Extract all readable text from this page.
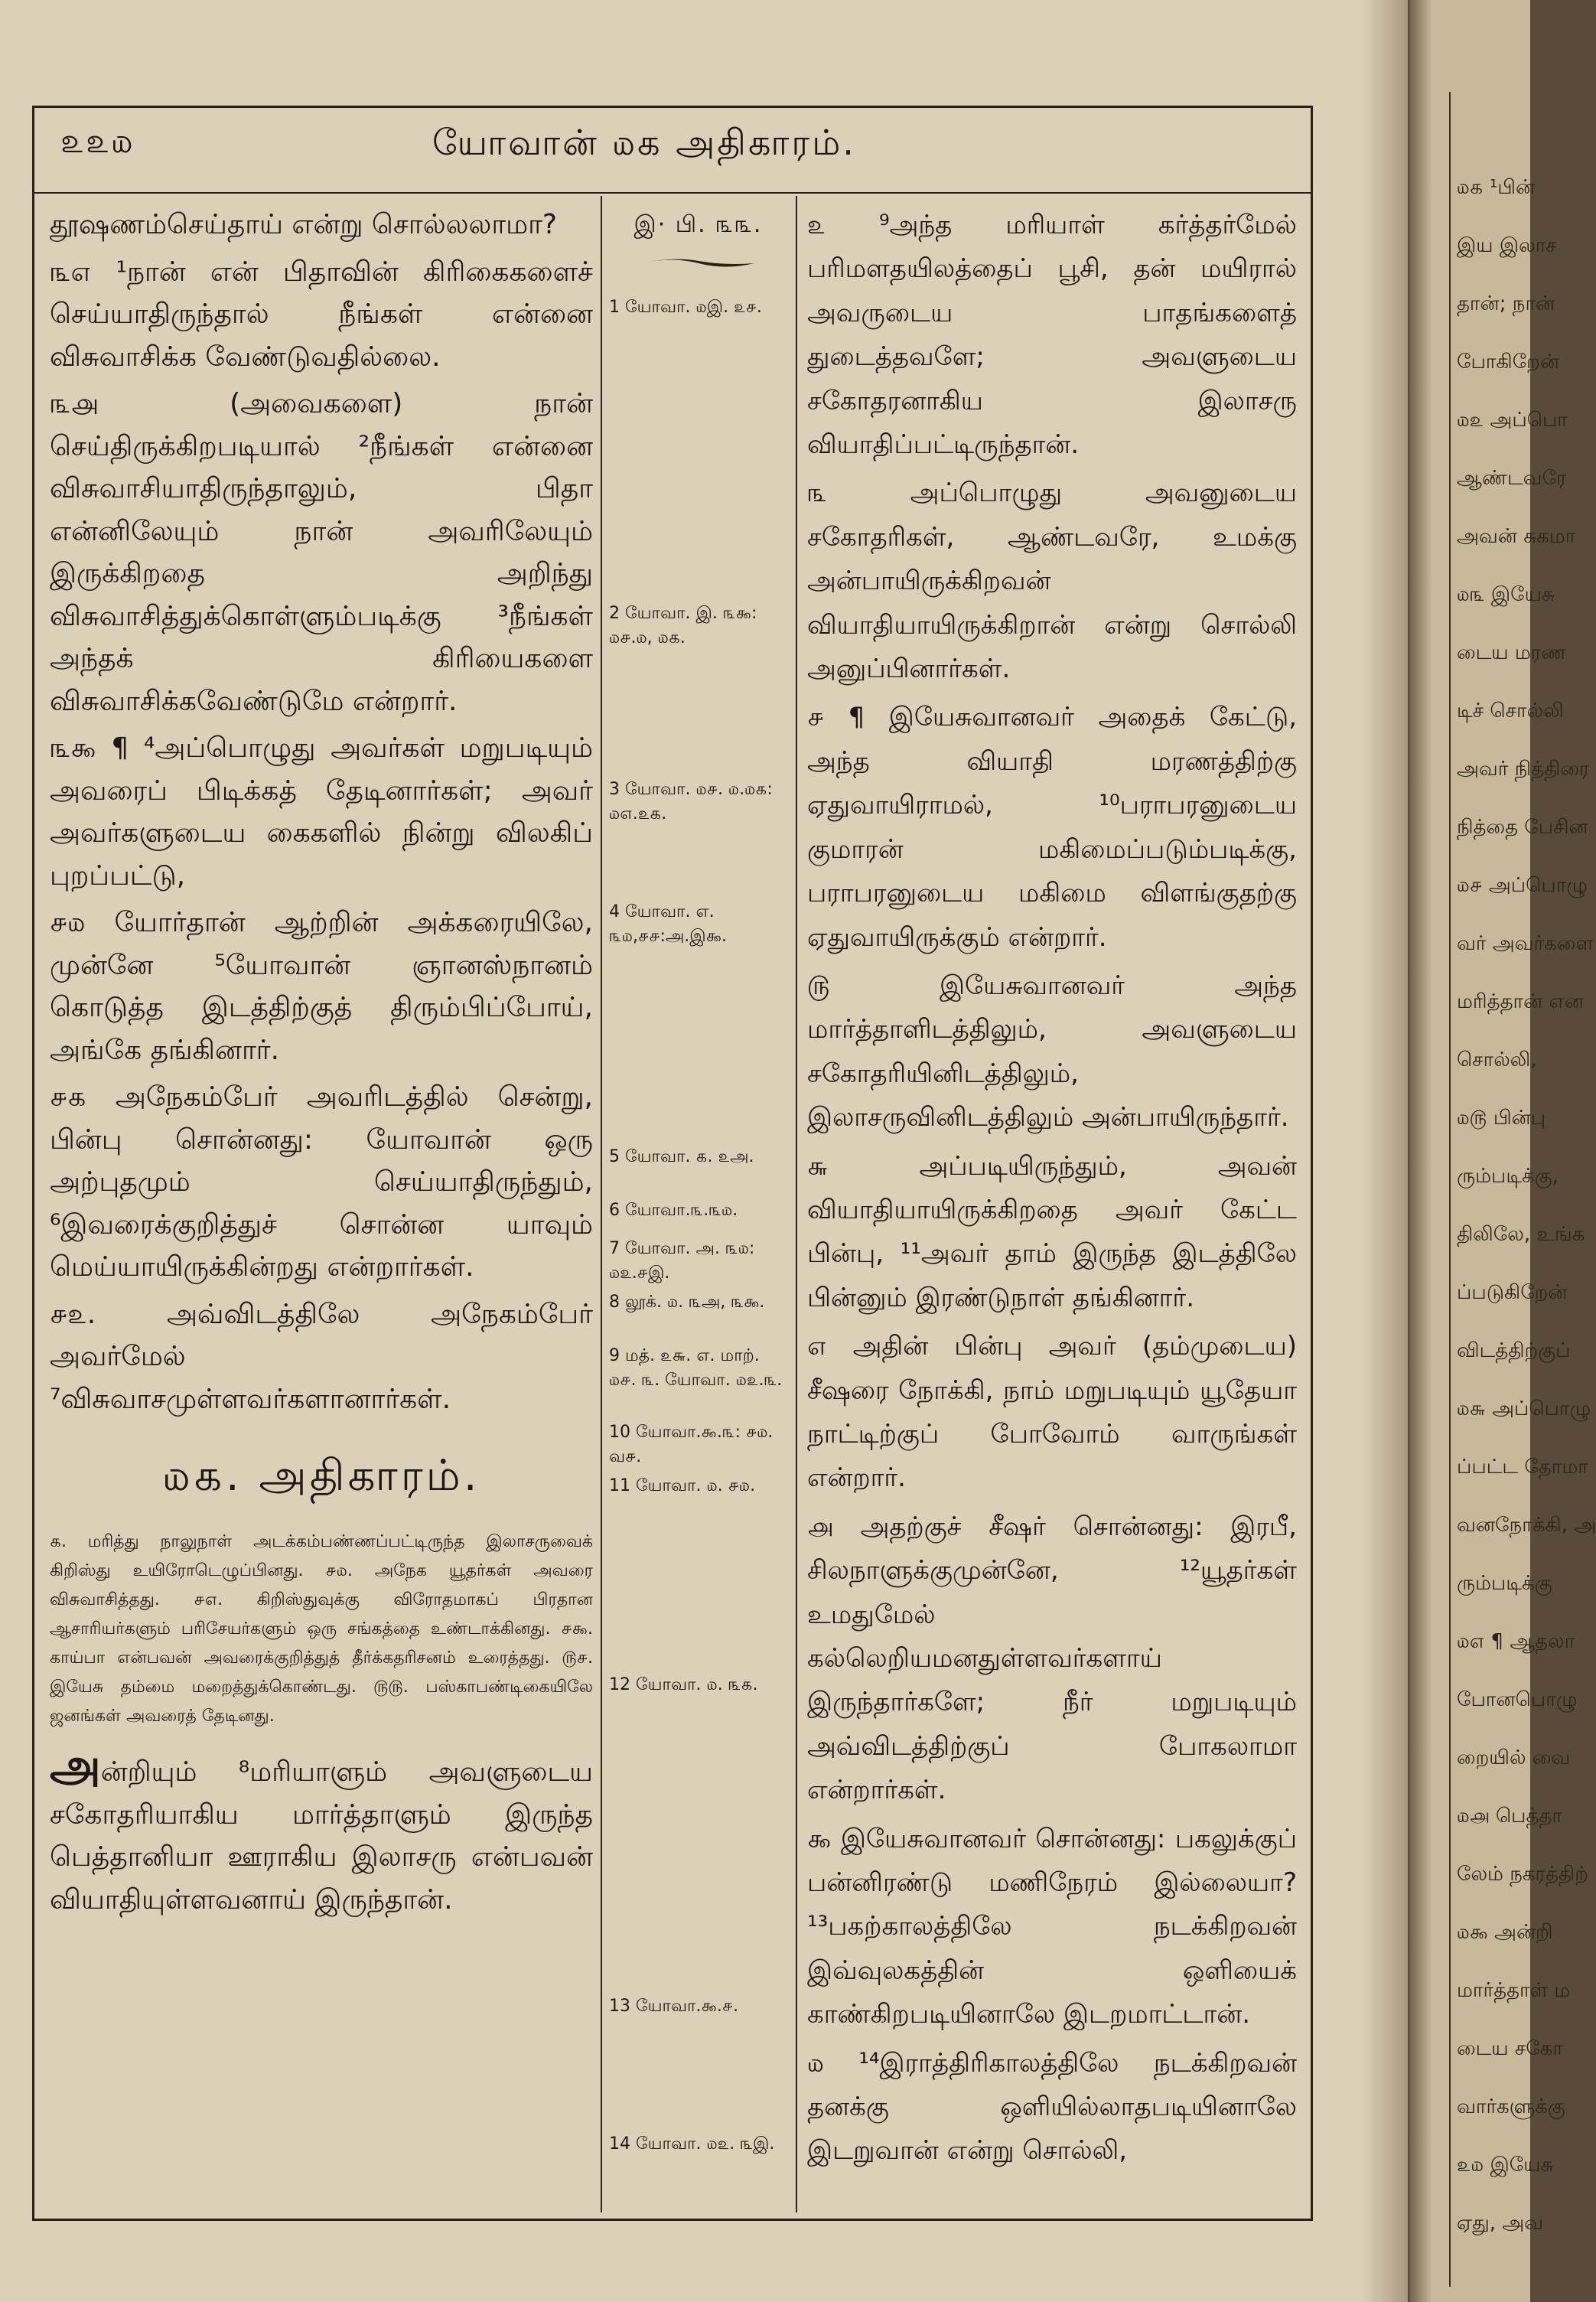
௨௨௰	யோவான் ௰க அதிகாரம்.

தூஷணம்செய்தாய் என்று சொல்லலாமா?

௩௭ ¹நான் என் பிதாவின் கிரிகைகளைச் செய்யாதிருந்தால் நீங்கள் என்னை விசுவாசிக்க வேண்டுவதில்லை.

௩௮ (அவைகளை) நான் செய்திருக்கிறபடியால் ²நீங்கள் என்னை விசுவாசியாதிருந்தாலும், பிதா என்னிலேயும் நான் அவரிலேயும் இருக்கிறதை அறிந்து விசுவாசித்துக்கொள்ளும்படிக்கு ³நீங்கள் அந்தக் கிரியைகளை விசுவாசிக்கவேண்டுமே என்றார்.

௩௯ ¶ ⁴அப்பொழுது அவர்கள் மறுபடியும் அவரைப் பிடிக்கத் தேடினார்கள்; அவர் அவர்களுடைய கைகளில் நின்று விலகிப் புறப்பட்டு,

௪௰ யோர்தான் ஆற்றின் அக்கரையிலே, முன்னே ⁵யோவான் ஞானஸ்நானம் கொடுத்த இடத்திற்குத் திரும்பிப்போய், அங்கே தங்கினார்.

௪௧ அநேகம்பேர் அவரிடத்தில் சென்று, பின்பு சொன்னது: யோவான் ஒரு அற்புதமும் செய்யாதிருந்தும், ⁶இவரைக்குறித்துச் சொன்ன யாவும் மெய்யாயிருக்கின்றது என்றார்கள்.

௪௨. அவ்விடத்திலே அநேகம்பேர் அவர்மேல் ⁷விசுவாசமுள்ளவர்களானார்கள்.

௰௧. அதிகாரம்.

௧. மரித்து நாலுநாள் அடக்கம்பண்ணப்பட்டிருந்த இலாசருவைக் கிறிஸ்து உயிரோடெழுப்பினது. ௪௰. அநேக யூதர்கள் அவரை விசுவாசித்தது. ௪௭. கிறிஸ்துவுக்கு விரோதமாகப் பிரதான ஆசாரியர்களும் பரிசேயர்களும் ஒரு சங்கத்தை உண்டாக்கினது. ௪௯. காய்பா என்பவன் அவரைக்குறித்துத் தீர்க்கதரிசனம் உரைத்தது. ௫௪. இயேசு தம்மை மறைத்துக்கொண்டது. ௫௫. பஸ்காபண்டிகையிலே ஜனங்கள் அவரைத் தேடினது.

அன்றியும் ⁸மரியாளும் அவளுடைய சகோதரியாகிய மார்த்தாளும் இருந்த பெத்தானியா ஊராகிய இலாசரு என்பவன் வியாதியுள்ளவனாய் இருந்தான்.

இ· பி. ௩௩.
1 யோவா. ௰இ. ௨௪.
2 யோவா. இ. ௩௯: ௰௪.௰, ௰௧.
3 யோவா. ௰௪. ௰.௰௧: ௰௭.௨௧.
4 யோவா. எ. ௩௰,௪௪:அ.இ௯.
5 யோவா. ௧. ௨அ.
6 யோவா.௩.௩௰.
7 யோவா. அ. ௩௰: ௰௨.௪இ.
8 லூக். ௰. ௩அ, ௩௯.
9 மத். ௨௬. எ. மாற். ௰௪. ௩. யோவா. ௰௨.௩.
10 யோவா.௯.௩: ௪௰. வ௪.
11 யோவா. ௰. ௪௰.
12 யோவா. ௰. ௩௧.
13 யோவா.௯.௪.
14 யோவா. ௰௨. ௩இ.

௨ ⁹அந்த மரியாள் கர்த்தர்மேல் பரிமளதயிலத்தைப் பூசி, தன் மயிரால் அவருடைய பாதங்களைத் துடைத்தவளே; அவளுடைய சகோதரனாகிய இலாசரு வியாதிப்பட்டிருந்தான்.

௩ அப்பொழுது அவனுடைய சகோதரிகள், ஆண்டவரே, உமக்கு அன்பாயிருக்கிறவன் வியாதியாயிருக்கிறான் என்று சொல்லி அனுப்பினார்கள்.

௪ ¶ இயேசுவானவர் அதைக் கேட்டு, அந்த வியாதி மரணத்திற்கு ஏதுவாயிராமல், ¹⁰பராபரனுடைய குமாரன் மகிமைப்படும்படிக்கு, பராபரனுடைய மகிமை விளங்குதற்கு ஏதுவாயிருக்கும் என்றார்.

௫ இயேசுவானவர் அந்த மார்த்தாளிடத்திலும், அவளுடைய சகோதரியினிடத்திலும், இலாசருவினிடத்திலும் அன்பாயிருந்தார்.

௬ அப்படியிருந்தும், அவன் வியாதியாயிருக்கிறதை அவர் கேட்ட பின்பு, ¹¹அவர் தாம் இருந்த இடத்திலே பின்னும் இரண்டுநாள் தங்கினார்.

௭ அதின் பின்பு அவர் (தம்முடைய) சீஷரை நோக்கி, நாம் மறுபடியும் யூதேயா நாட்டிற்குப் போவோம் வாருங்கள் என்றார்.

௮ அதற்குச் சீஷர் சொன்னது: இரபீ, சிலநாளுக்குமுன்னே, ¹²யூதர்கள் உமதுமேல் கல்லெறியமனதுள்ளவர்களாய் இருந்தார்களே; நீர் மறுபடியும் அவ்விடத்திற்குப் போகலாமா என்றார்கள்.

௯ இயேசுவானவர் சொன்னது: பகலுக்குப் பன்னிரண்டு மணிநேரம் இல்லையா? ¹³பகற்காலத்திலே நடக்கிறவன் இவ்வுலகத்தின் ஒளியைக் காண்கிறபடியினாலே இடறமாட்டான்.

௰ ¹⁴இராத்திரிகாலத்திலே நடக்கிறவன் தனக்கு ஒளியில்லாதபடியினாலே இடறுவான் என்று சொல்லி,

௰௧ ¹பின்
இய இலாச
தான்; நான்
போகிறேன்
௰௨ அப்பொ
ஆண்டவரே
அவன் சுகமா
௰௩ இயேசு
டைய மரண
டிச் சொல்லி
அவர் நித்திரை
நித்தை பேசின
௰௪ அப்பொழு
வர் அவர்களை
மரித்தான் என
சொல்லி,
௰௫ பின்பு
ரும்படிக்கு,
திலிலே, உங்க
ப்படுகிறேன்
விடத்திற்குப்
௰௬ அப்பொழு
ப்பட்ட தோமா
வனநோக்கி, அ
ரும்படிக்கு
௰௭ ¶ ஆதலா
போனபொழு
றையில் வை
௰௮ பெத்தா
லேம் நகரத்திற்
௰௯ அன்றி
மார்த்தாள் ம
டைய சகோ
வார்களுக்கு
௨௰ இயேசு
ஏது, அவ
